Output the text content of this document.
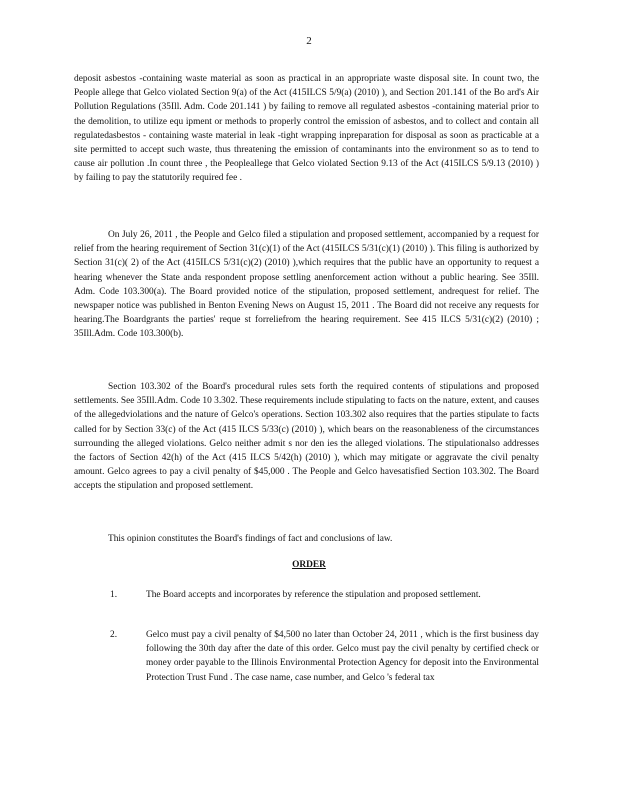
2

deposit asbestos -containing waste material as soon as practical in an appropriate waste disposal site. In count two, the People allege that Gelco violated Section 9(a) of the Act (415ILCS 5/9(a) (2010) ), and Section 201.141 of the Bo ard's Air Pollution Regulations (35Ill. Adm. Code 201.141 ) by failing to remove all regulated asbestos -containing material prior to the demolition, to utilize equ ipment or methods to properly control the emission of asbestos, and to collect and contain all regulatedasbestos - containing waste material in leak -tight wrapping inpreparation for disposal as soon as practicable at a site permitted to accept such waste, thus threatening the emission of contaminants into the environment so as to tend to cause air pollution .In count three , the Peopleallege that Gelco violated Section 9.13 of the Act (415ILCS 5/9.13 (2010) ) by failing to pay the statutorily required fee .

On July 26, 2011 , the People and Gelco filed a stipulation and proposed settlement, accompanied by a request for relief from the hearing requirement of Section 31(c)(1) of the Act (415ILCS 5/31(c)(1) (2010) ). This filing is authorized by Section 31(c)( 2) of the Act (415ILCS 5/31(c)(2) (2010) ),which requires that the public have an opportunity to request a hearing whenever the State anda respondent propose settling anenforcement action without a public hearing. See 35Ill. Adm. Code 103.300(a). The Board provided notice of the stipulation, proposed settlement, andrequest for relief. The newspaper notice was published in Benton Evening News on August 15, 2011 . The Board did not receive any requests for hearing.The Boardgrants the parties' reque st forreliefrom the hearing requirement. See 415 ILCS 5/31(c)(2) (2010) ; 35Ill.Adm. Code 103.300(b).

Section 103.302 of the Board's procedural rules sets forth the required contents of stipulations and proposed settlements. See 35Ill.Adm. Code 10 3.302. These requirements include stipulating to facts on the nature, extent, and causes of the allegedviolations and the nature of Gelco's operations. Section 103.302 also requires that the parties stipulate to facts called for by Section 33(c) of the Act (415 ILCS 5/33(c) (2010) ), which bears on the reasonableness of the circumstances surrounding the alleged violations. Gelco neither admit s nor den ies the alleged violations. The stipulationalso addresses the factors of Section 42(h) of the Act (415 ILCS 5/42(h) (2010) ), which may mitigate or aggravate the civil penalty amount. Gelco agrees to pay a civil penalty of $45,000 . The People and Gelco havesatisfied Section 103.302. The Board accepts the stipulation and proposed settlement.

This opinion constitutes the Board's findings of fact and conclusions of law.

ORDER
1.	The Board accepts and incorporates by reference the stipulation and proposed settlement.

2.	Gelco must pay a civil penalty of $4,500 no later than October 24, 2011 , which is the first business day following the 30th day after the date of this order. Gelco must pay the civil penalty by certified check or money order payable to the Illinois Environmental Protection Agency for deposit into the Environmental Protection Trust Fund . The case name, case number, and Gelco 's federal tax
